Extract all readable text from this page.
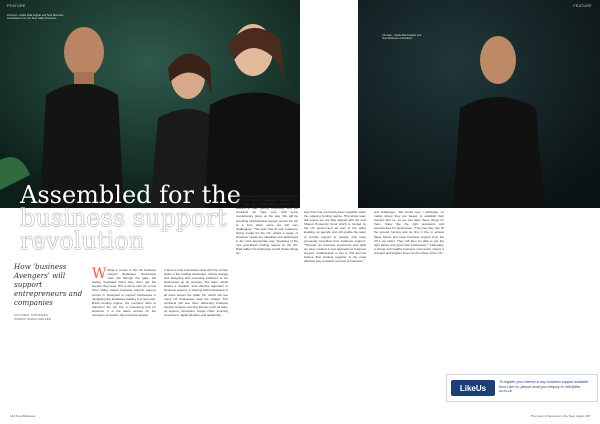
Pictured – Nadia Riad Asghar and Tees Business Consultants from the Tees Valley Business...
FEATURE
Assembled for the business support revolution
How 'business Avengers' will support entrepreneurs and companies
PICTURES: TOM BANKS
WORDS: SARAH WALKER
W What it comes to the UK business support landscape, businesses often fall through the gaps, left feeling frustrated when they don't get the support they need. This is where Like Us, a new Tees Valley based business support agency comes in. Designed to support businesses in navigating the landscape leading to a new post-Brexit funding regime, the company aims to transform the UK into a pioneering hub for business. It is the latest venture for the Avengers of modern day business support.
It aims to help businesses deal with the current shifts in the funding landscape, driving change and designing and executing initiatives to set businesses up for success. The team, which boasts a 'fearless' and effective approach to business support, is working with businesses of all sizes across the wider UK, which will see many UK businesses lead the charge. The contracts will see them delivering business support projects covering themes such as start-up support, innovation, supply chain, sourcing investment, digital adoption and leadership.
"We've already secured a number of contracts that cover different geographic areas of the UK," says Like Us CEO Ethan. "We are very excited to start getting underway with the contracts we have won, with some revolutionary plans on the way. We will be providing vital business support across the UK at a time when some are still very challenging." The team has its own business-facing model for the UK, where a range of business needs are identified and addressed in the most appropriate way. Speaking of the new post-Brexit funding regime for the UK, Riad added "its landscape would shake things up".
UK-wide – Nadia Riad Asghar and Tees Business Consultant...
FEATURE
way than has previously been possible under the outgoing funding regime. This whole team will ensure we are fully aligned with the new Shared Prosperity Fund which is funded by the UK government as part of the wider levelling up agenda and will enable the team to provide support to 'people, who have previously benefited from business support'. "Through our business experience and skills we have created a new approach to business support. Collaboration is key to this and we believe that working together is the most effective way to deliver services to business."
and challenges. "We would now, I anticipate, no matter where they are based, to establish their interest with us, so we can tailor these things for them. Many like the right provisions and opportunities for businesses. "This way they can hit the ground running and be first in line to access these issues and have business support from the UK's top talent. They will then be able to get the right advice and grow their businesses." "Ultimately, a strong and healthy business community means a stronger and brighter future for the whole of the UK."
LikeUs
To register your interest in any business support available from Like Us, please send your enquiry to: info@like-us.co.uk
124 Tees Business	The voice of business in the Tees region 125
